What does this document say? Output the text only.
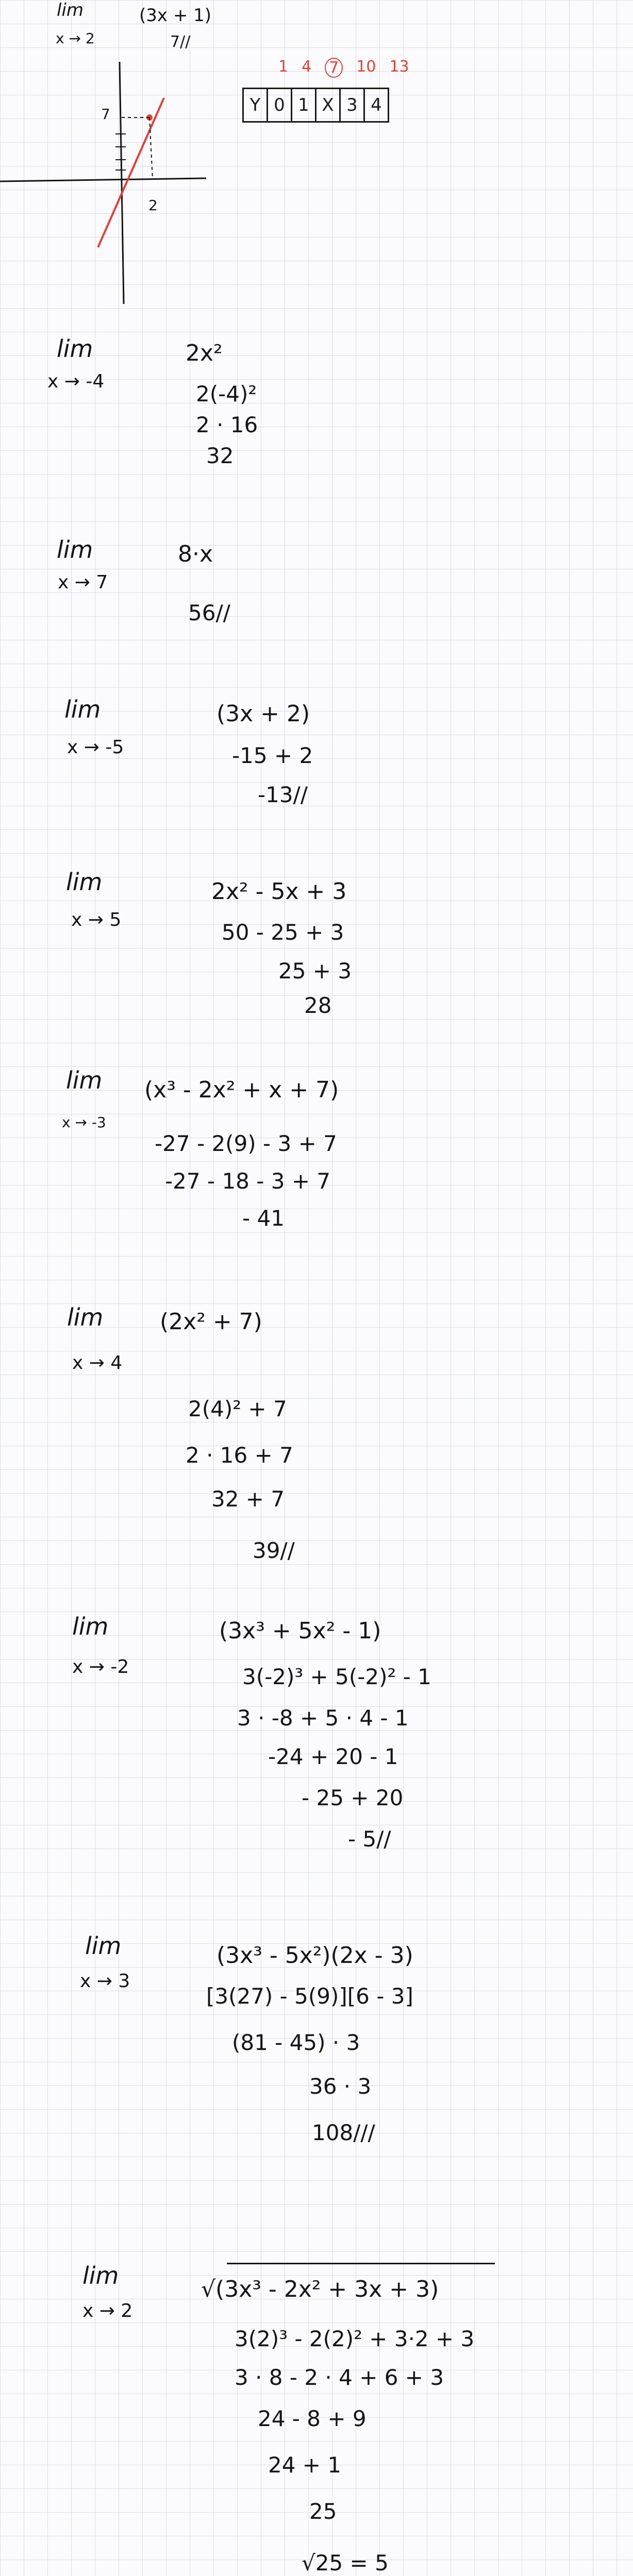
lim
x → 2
(3x + 1)
7//
7
2
1 4 7 10 13
Y 0 1 X 3 4
lim
x → -4
2x²
2(-4)²
2 · 16
32
lim
x → 7
8·x
56//
lim
x → -5
(3x + 2)
-15 + 2
-13//
lim
x → 5
2x² - 5x + 3
50 - 25 + 3
25 + 3
28
lim
x → -3
(x³ - 2x² + x + 7)
-27 - 2(9) - 3 + 7
-27 - 18 - 3 + 7
- 41
lim
x → 4
(2x² + 7)
2(4)² + 7
2 · 16 + 7
32 + 7
39//
lim
x → -2
(3x³ + 5x² - 1)
3(-2)³ + 5(-2)² - 1
3 · -8 + 5 · 4 - 1
-24 + 20 - 1
- 25 + 20
- 5//
lim
x → 3
(3x³ - 5x²)(2x - 3)
[3(27) - 5(9)][6 - 3]
(81 - 45) · 3
36 · 3
108///
lim
x → 2
√(3x³ - 2x² + 3x + 3)
3(2)³ - 2(2)² + 3·2 + 3
3 · 8 - 2 · 4 + 6 + 3
24 - 8 + 9
24 + 1
25
√25 = 5
